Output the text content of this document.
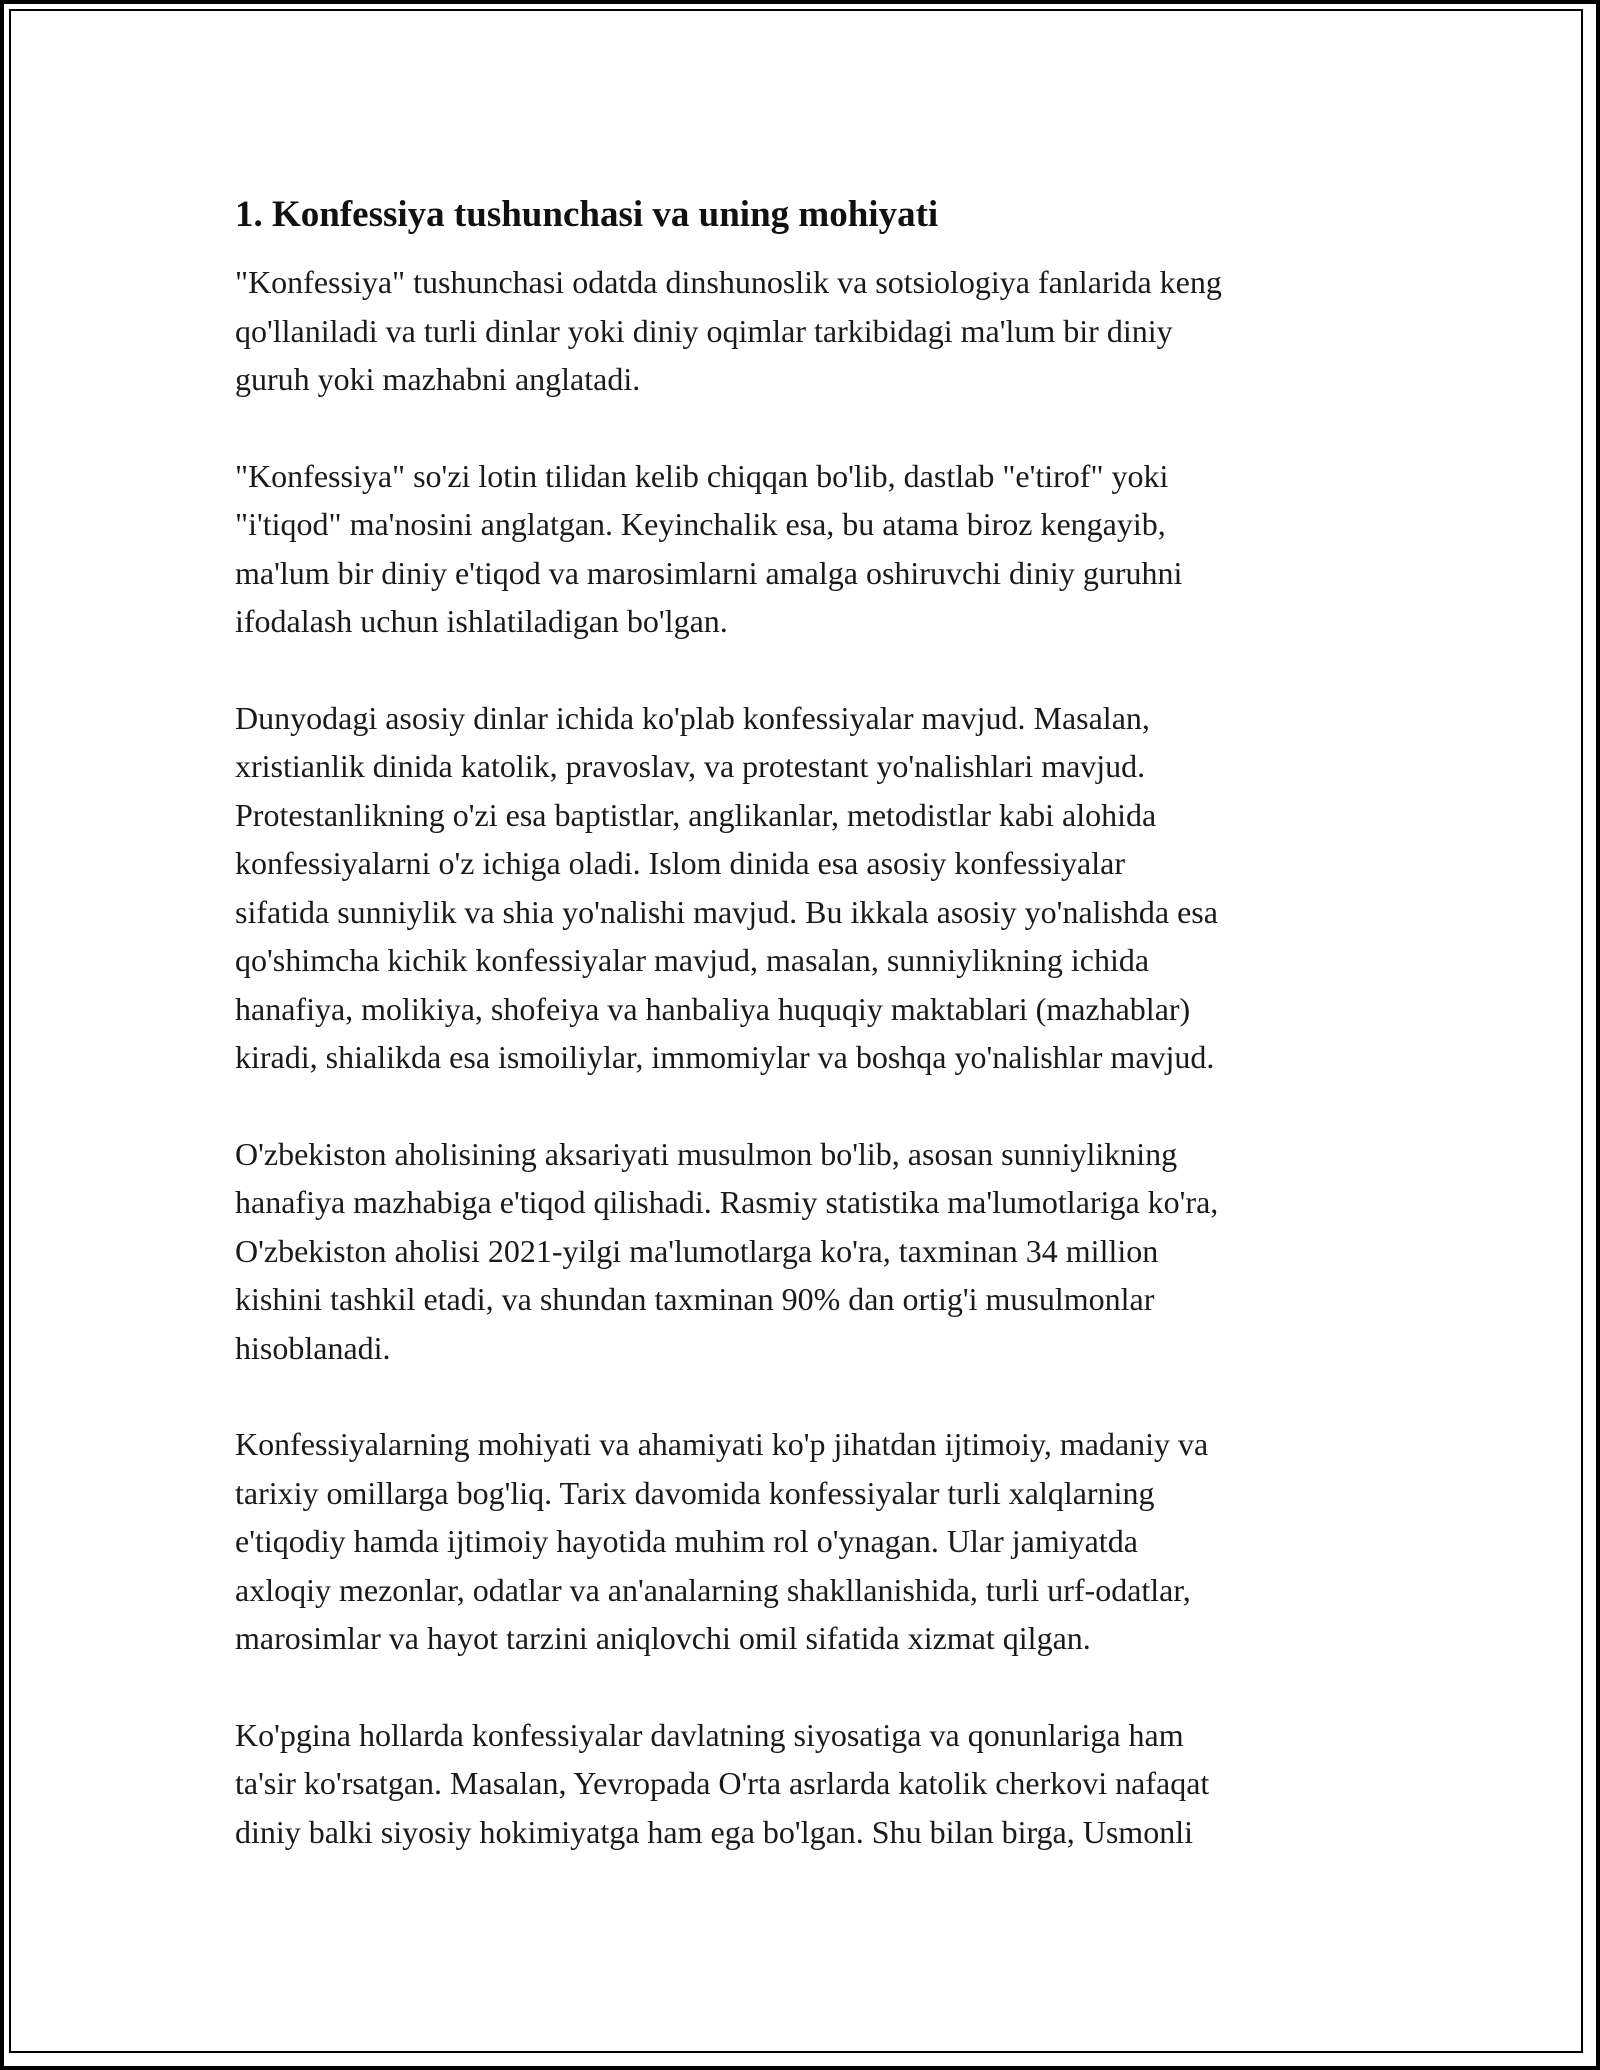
1. Konfessiya tushunchasi va uning mohiyati

"Konfessiya" tushunchasi odatda dinshunoslik va sotsiologiya fanlarida keng
qo'llaniladi va turli dinlar yoki diniy oqimlar tarkibidagi ma'lum bir diniy
guruh yoki mazhabni anglatadi.

"Konfessiya" so'zi lotin tilidan kelib chiqqan bo'lib, dastlab "e'tirof" yoki
"i'tiqod" ma'nosini anglatgan. Keyinchalik esa, bu atama biroz kengayib,
ma'lum bir diniy e'tiqod va marosimlarni amalga oshiruvchi diniy guruhni
ifodalash uchun ishlatiladigan bo'lgan.

Dunyodagi asosiy dinlar ichida ko'plab konfessiyalar mavjud. Masalan,
xristianlik dinida katolik, pravoslav, va protestant yo'nalishlari mavjud.
Protestanlikning o'zi esa baptistlar, anglikanlar, metodistlar kabi alohida
konfessiyalarni o'z ichiga oladi. Islom dinida esa asosiy konfessiyalar
sifatida sunniylik va shia yo'nalishi mavjud. Bu ikkala asosiy yo'nalishda esa
qo'shimcha kichik konfessiyalar mavjud, masalan, sunniylikning ichida
hanafiya, molikiya, shofeiya va hanbaliya huquqiy maktablari (mazhablar)
kiradi, shialikda esa ismoiliylar, immomiylar va boshqa yo'nalishlar mavjud.

O'zbekiston aholisining aksariyati musulmon bo'lib, asosan sunniylikning
hanafiya mazhabiga e'tiqod qilishadi. Rasmiy statistika ma'lumotlariga ko'ra,
O'zbekiston aholisi 2021-yilgi ma'lumotlarga ko'ra, taxminan 34 million
kishini tashkil etadi, va shundan taxminan 90% dan ortig'i musulmonlar
hisoblanadi.

Konfessiyalarning mohiyati va ahamiyati ko'p jihatdan ijtimoiy, madaniy va
tarixiy omillarga bog'liq. Tarix davomida konfessiyalar turli xalqlarning
e'tiqodiy hamda ijtimoiy hayotida muhim rol o'ynagan. Ular jamiyatda
axloqiy mezonlar, odatlar va an'analarning shakllanishida, turli urf-odatlar,
marosimlar va hayot tarzini aniqlovchi omil sifatida xizmat qilgan.

Ko'pgina hollarda konfessiyalar davlatning siyosatiga va qonunlariga ham
ta'sir ko'rsatgan. Masalan, Yevropada O'rta asrlarda katolik cherkovi nafaqat
diniy balki siyosiy hokimiyatga ham ega bo'lgan. Shu bilan birga, Usmonli
